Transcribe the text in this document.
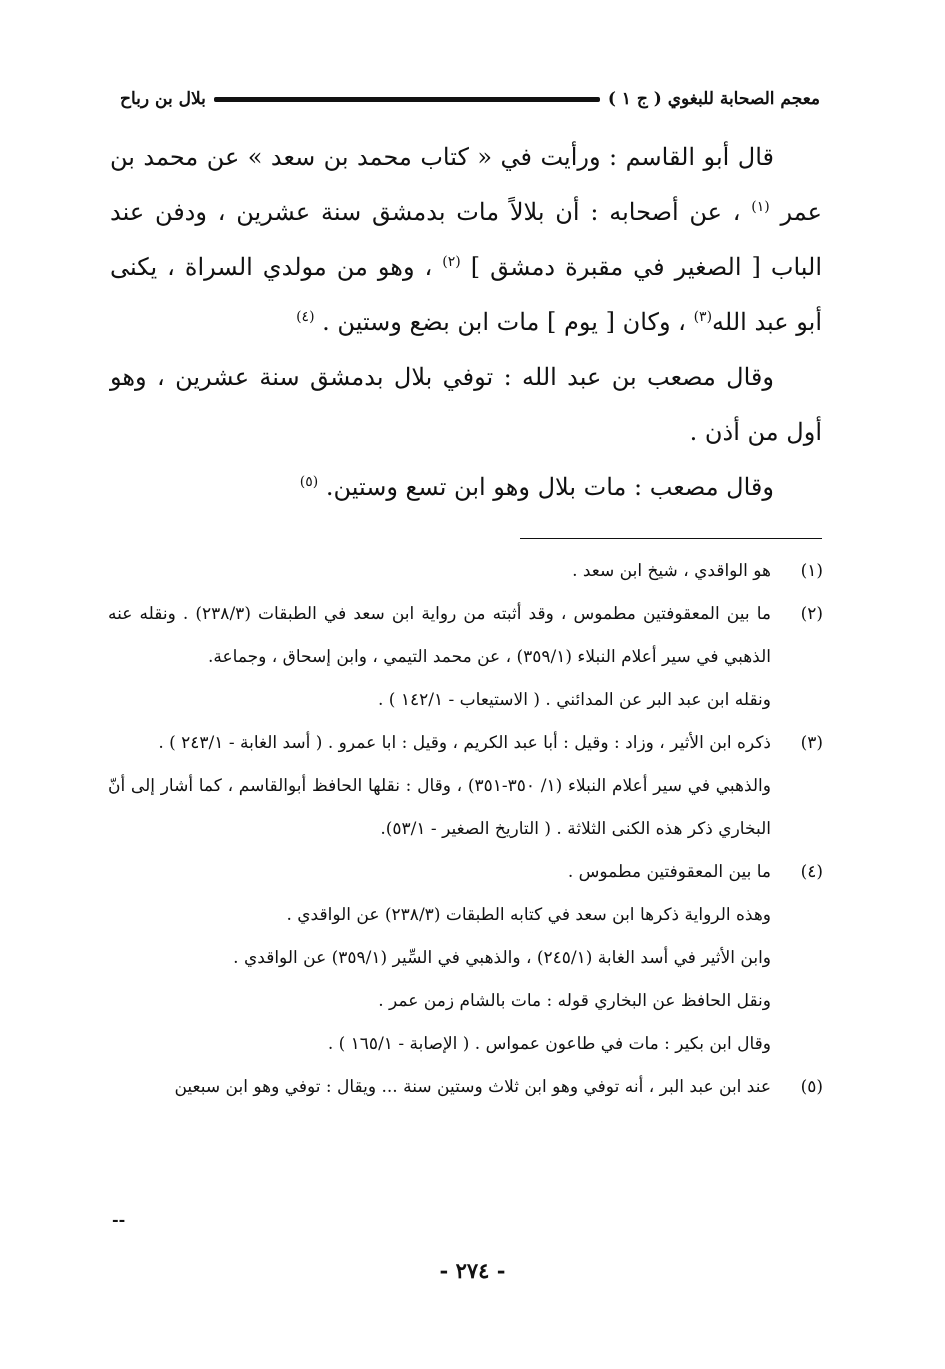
معجم الصحابة للبغوي ( ج ١ )
بلال بن رباح

قال أبو القاسم : ورأيت في « كتاب محمد بن سعد » عن محمد بن عمر $^{(١)}$ ، عن أصحابه : أن بلالاً مات بدمشق سنة عشرين ، ودفن عند الباب [ الصغير في مقبرة دمشق ] $^{(٢)}$ ، وهو من مولدي السراة ، يكنى أبو عبد الله$^{(٣)}$ ، وكان [ يوم ] مات ابن بضع وستين . $^{(٤)}$

وقال مصعب بن عبد الله : توفي بلال بدمشق سنة عشرين ، وهو أول من أذن .

وقال مصعب : مات بلال وهو ابن تسع وستين. $^{(٥)}$

(١)

هو الواقدي ، شيخ ابن سعد .

(٢)

ما بين المعقوفتين مطموس ، وقد أثبته من رواية ابن سعد في الطبقات (٢٣٨/٣) . ونقله عنه الذهبي في سير أعلام النبلاء (٣٥٩/١) ، عن محمد التيمي ، وابن إسحاق ، وجماعة.

ونقله ابن عبد البر عن المدائني . ( الاستيعاب - ١٤٢/١ ) .

(٣)

ذكره ابن الأثير ، وزاد : وقيل : أبا عبد الكريم ، وقيل : ابا عمرو . ( أسد الغابة - ٢٤٣/١ ) .

والذهبي في سير أعلام النبلاء (١/ ٣٥٠-٣٥١) ، وقال : نقلها الحافظ أبوالقاسم ، كما أشار إلى أنّ البخاري ذكر هذه الكنى الثلاثة . ( التاريخ الصغير - ٥٣/١).

(٤)

ما بين المعقوفتين مطموس .

وهذه الرواية ذكرها ابن سعد في كتابه الطبقات (٢٣٨/٣) عن الواقدي .

وابن الأثير في أسد الغابة (٢٤٥/١) ، والذهبي في السِّير (٣٥٩/١) عن الواقدي .

ونقل الحافظ عن البخاري قوله : مات بالشام زمن عمر .

وقال ابن بكير : مات في طاعون عمواس . ( الإصابة - ١٦٥/١ ) .

(٥)

عند ابن عبد البر ، أنه توفي وهو ابن ثلاث وستين سنة ... ويقال : توفي وهو ابن سبعين

--
- ٢٧٤ -
